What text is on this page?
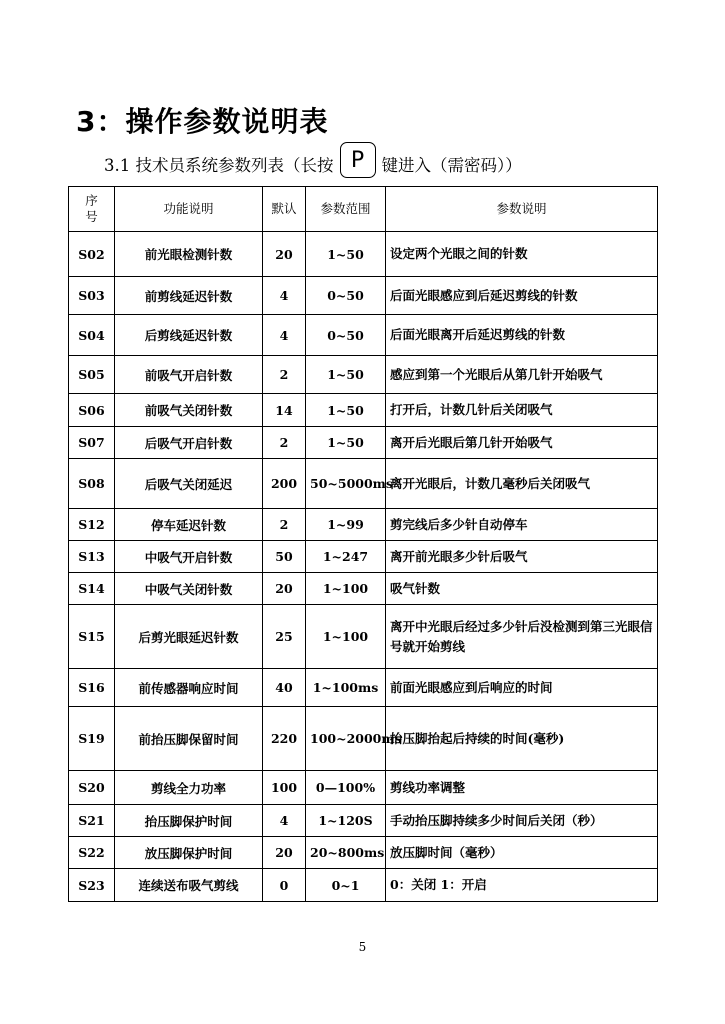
3：操作参数说明表
3.1 技术员系统参数列表（长按 P	键进入（需密码））
序
号	功能说明	默认	参数范围	参数说明
S02	前光眼检测针数	20	1~50	设定两个光眼之间的针数
S03	前剪线延迟针数	4	0~50	后面光眼感应到后延迟剪线的针数
S04	后剪线延迟针数	4	0~50	后面光眼离开后延迟剪线的针数
S05	前吸气开启针数	2	1~50	感应到第一个光眼后从第几针开始吸气
S06	前吸气关闭针数	14	1~50	打开后，计数几针后关闭吸气
S07	后吸气开启针数	2	1~50	离开后光眼后第几针开始吸气
S08	后吸气关闭延迟	200	50~5000ms	离开光眼后，计数几毫秒后关闭吸气
S12	停车延迟针数	2	1~99	剪完线后多少针自动停车
S13	中吸气开启针数	50	1~247	离开前光眼多少针后吸气
S14	中吸气关闭针数	20	1~100	吸气针数
S15	后剪光眼延迟针数	25	1~100	离开中光眼后经过多少针后没检测到第三光眼信号就开始剪线
S16	前传感器响应时间	40	1~100ms	前面光眼感应到后响应的时间
S19	前抬压脚保留时间	220	100~2000ms	抬压脚抬起后持续的时间(毫秒)
S20	剪线全力功率	100	0—100%	剪线功率调整
S21	抬压脚保护时间	4	1~120S	手动抬压脚持续多少时间后关闭（秒）
S22	放压脚保护时间	20	20~800ms	放压脚时间（毫秒）
S23	连续送布吸气剪线	0	0~1	0：关闭 1：开启
5
